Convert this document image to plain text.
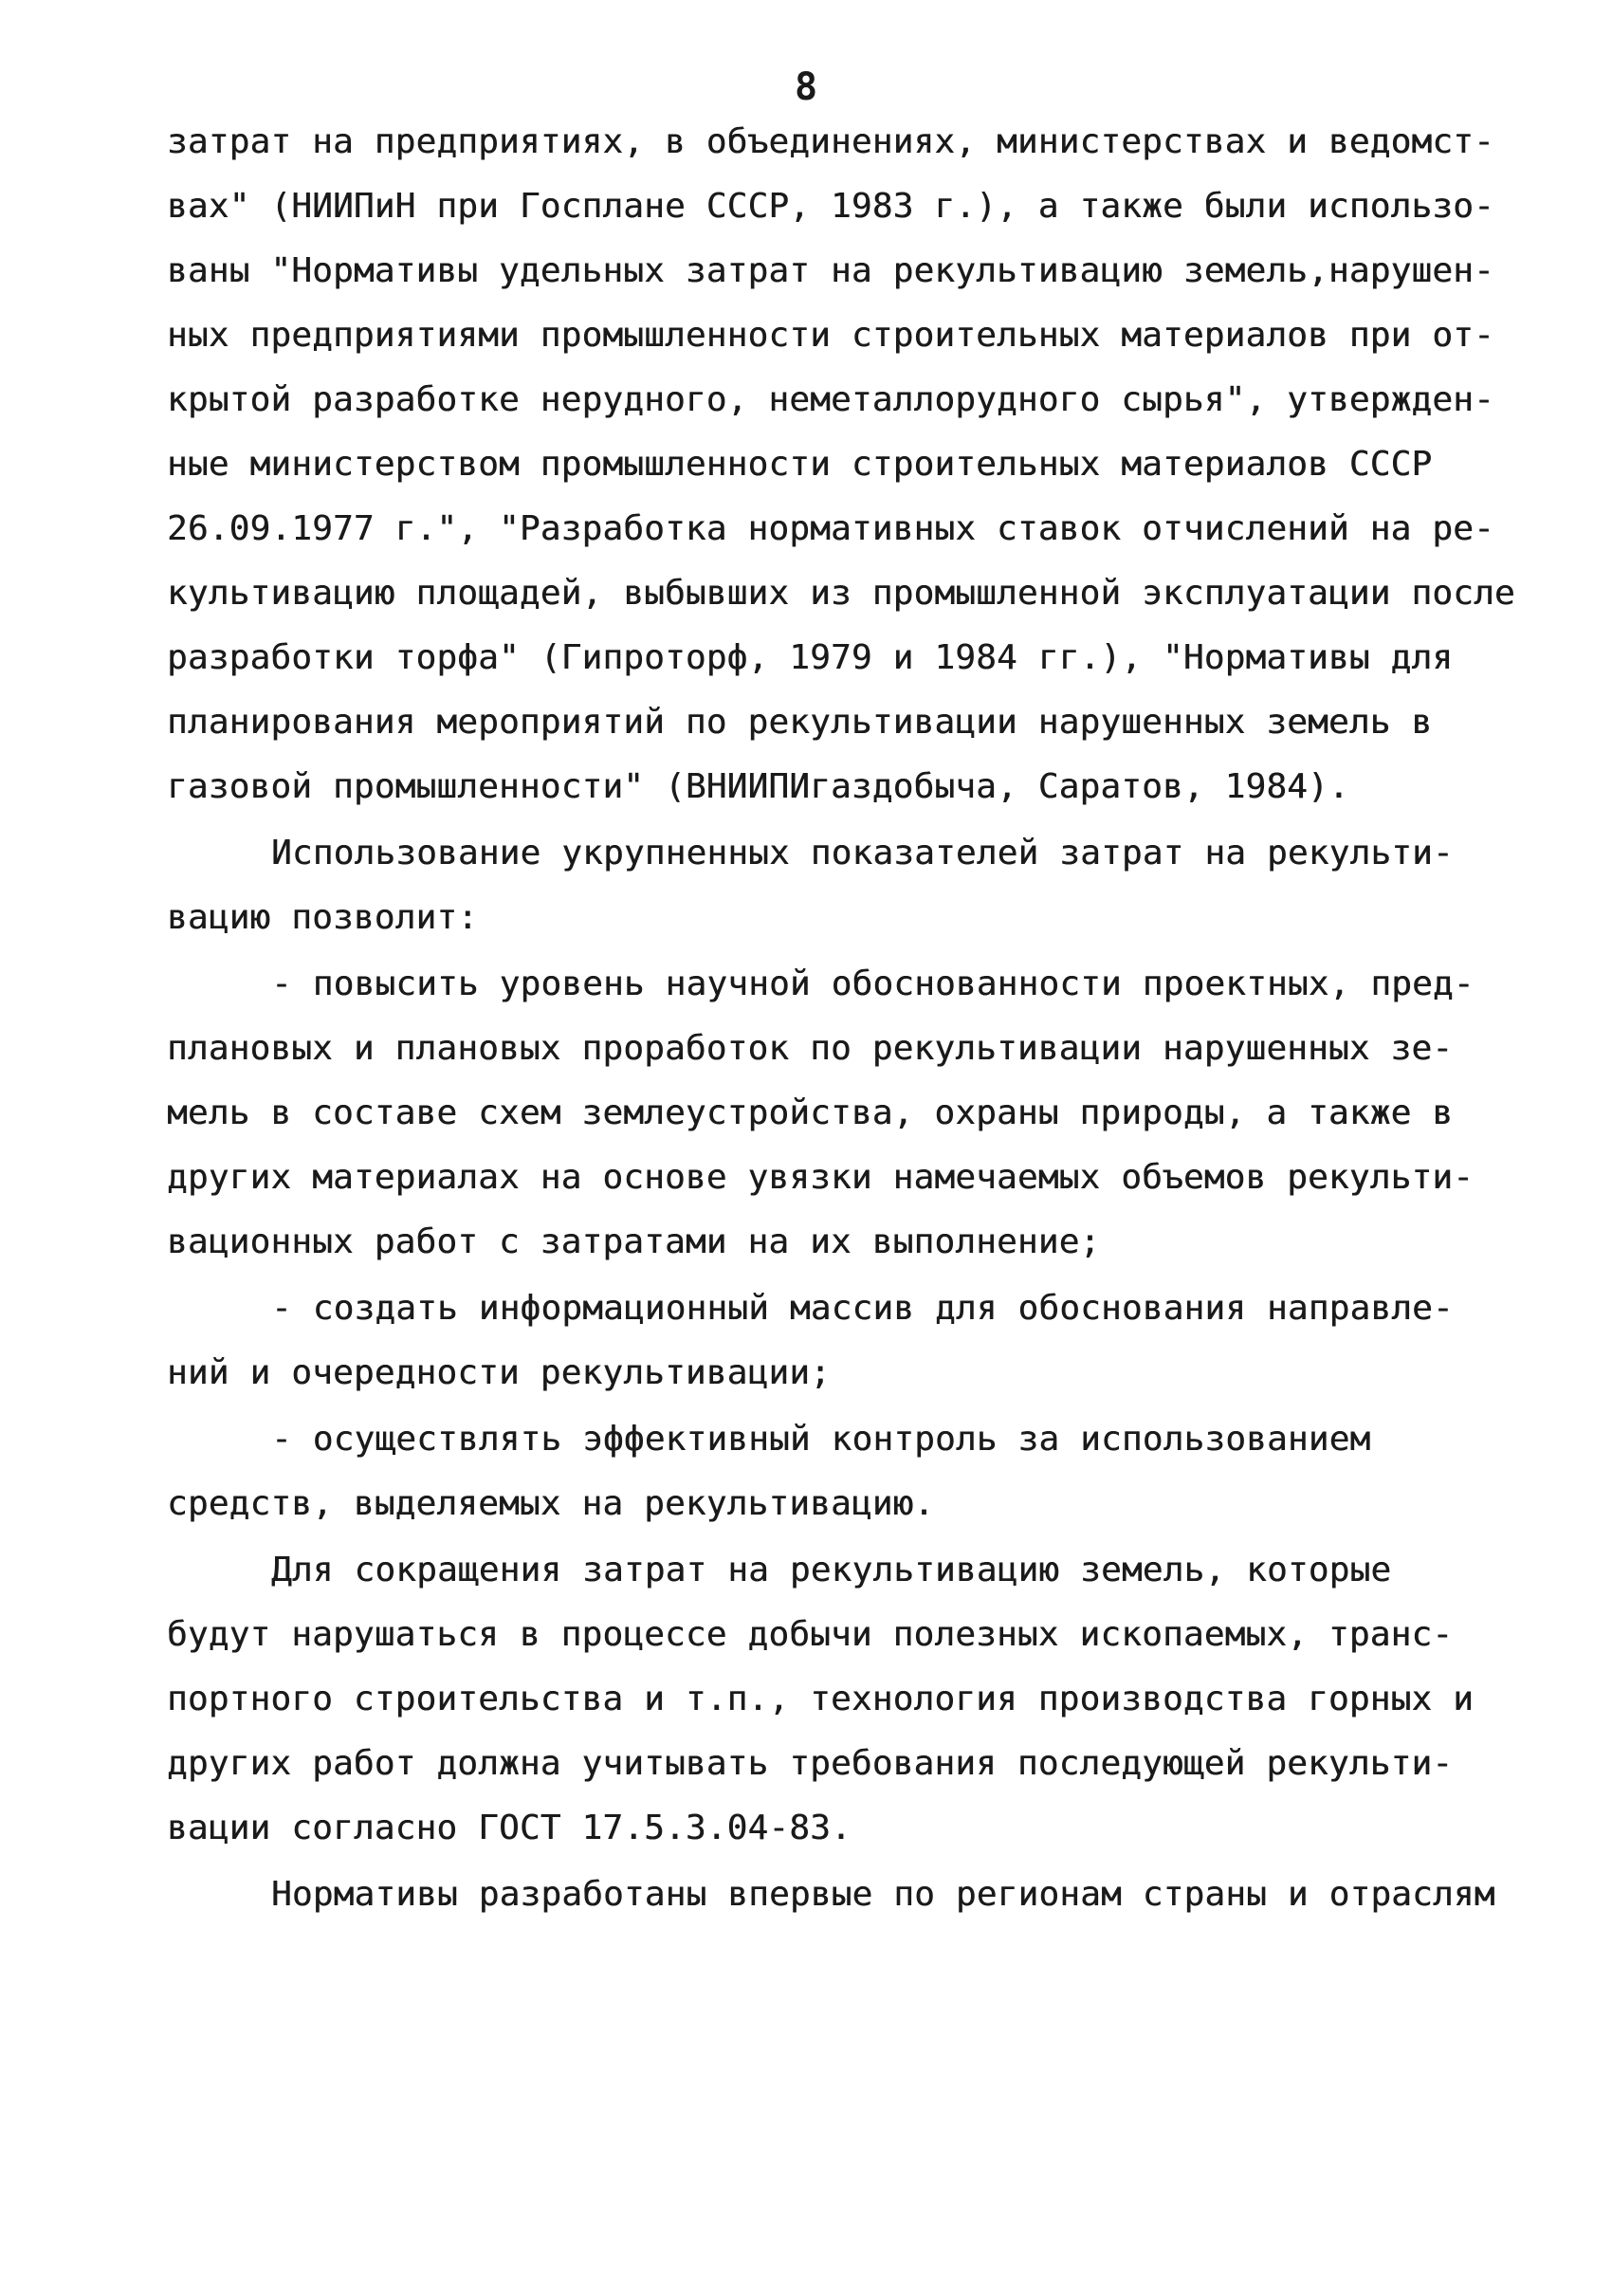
8
затрат на предприятиях, в объединениях, министерствах и ведомст-
вах" (НИИПиН при Госплане СССР, 1983 г.), а также были использо-
ваны "Нормативы удельных затрат на рекультивацию земель,нарушен-
ных предприятиями промышленности строительных материалов при от-
крытой разработке нерудного, неметаллорудного сырья", утвержден-
ные министерством промышленности строительных материалов СССР
26.09.1977 г.", "Разработка нормативных ставок отчислений на ре-
культивацию площадей, выбывших из промышленной эксплуатации после
разработки торфа" (Гипроторф, 1979 и 1984 гг.), "Нормативы для
планирования мероприятий по рекультивации нарушенных земель в
газовой промышленности" (ВНИИПИгаздобыча, Саратов, 1984).
Использование укрупненных показателей затрат на рекульти-
вацию позволит:
- повысить уровень научной обоснованности проектных, пред-
плановых и плановых проработок по рекультивации нарушенных зе-
мель в составе схем землеустройства, охраны природы, а также в
других материалах на основе увязки намечаемых объемов рекульти-
вационных работ с затратами на их выполнение;
- создать информационный массив для обоснования направле-
ний и очередности рекультивации;
- осуществлять эффективный контроль за использованием
средств, выделяемых на рекультивацию.
Для сокращения затрат на рекультивацию земель, которые
будут нарушаться в процессе добычи полезных ископаемых, транс-
портного строительства и т.п., технология производства горных и
других работ должна учитывать требования последующей рекульти-
вации согласно ГОСТ 17.5.3.04-83.
Нормативы разработаны впервые по регионам страны и отраслям
